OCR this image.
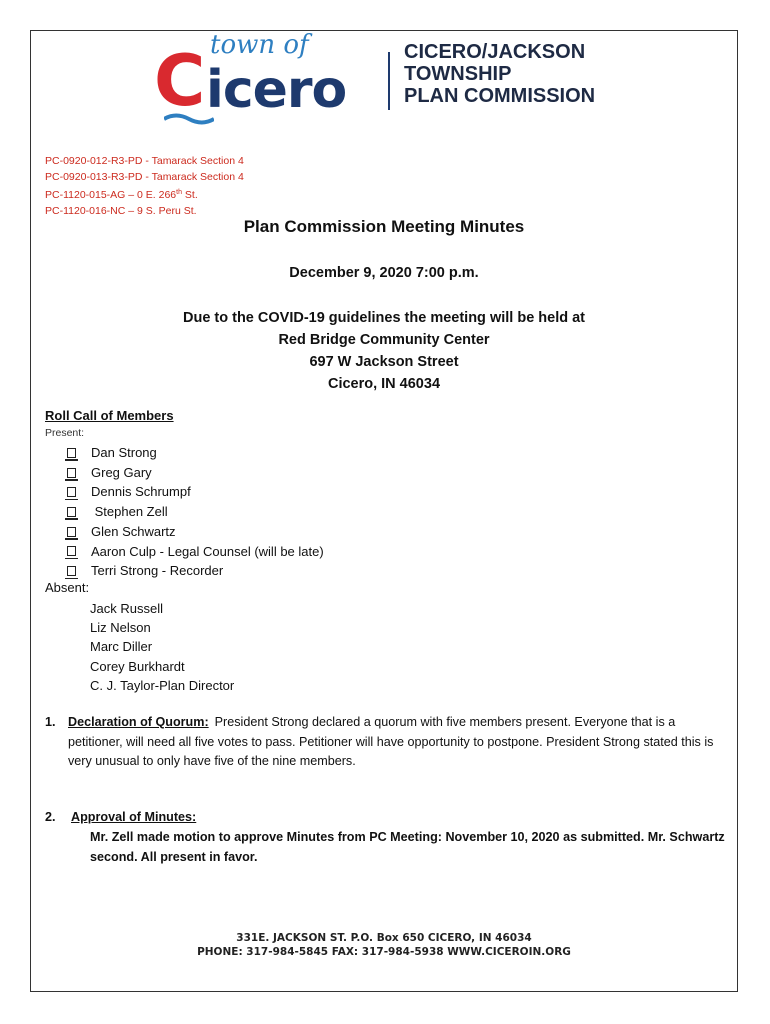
town of
C icero
CICERO/JACKSON
TOWNSHIP
PLAN COMMISSION
PC-0920-012-R3-PD - Tamarack Section 4
PC-0920-013-R3-PD - Tamarack Section 4
PC-1120-015-AG – 0 E. 266th St.
PC-1120-016-NC – 9 S. Peru St.
Plan Commission Meeting Minutes
December 9, 2020 7:00 p.m.
Due to the COVID-19 guidelines the meeting will be held at
Red Bridge Community Center
697 W Jackson Street
Cicero, IN 46034
Roll Call of Members
Present:
Dan Strong
Greg Gary
Dennis Schrumpf
Stephen Zell
Glen Schwartz
Aaron Culp - Legal Counsel (will be late)
Terri Strong - Recorder
Absent:
Jack Russell
Liz Nelson
Marc Diller
Corey Burkhardt
C. J. Taylor-Plan Director
1. Declaration of Quorum: President Strong declared a quorum with five members present. Everyone that is a petitioner, will need all five votes to pass. Petitioner will have opportunity to postpone. President Strong stated this is very unusual to only have five of the nine members.
2. Approval of Minutes:
Mr. Zell made motion to approve Minutes from PC Meeting: November 10, 2020 as submitted. Mr. Schwartz second. All present in favor.
331E. JACKSON ST. P.O. Box 650 CICERO, IN 46034
PHONE: 317-984-5845 FAX: 317-984-5938 WWW.CICEROIN.ORG
